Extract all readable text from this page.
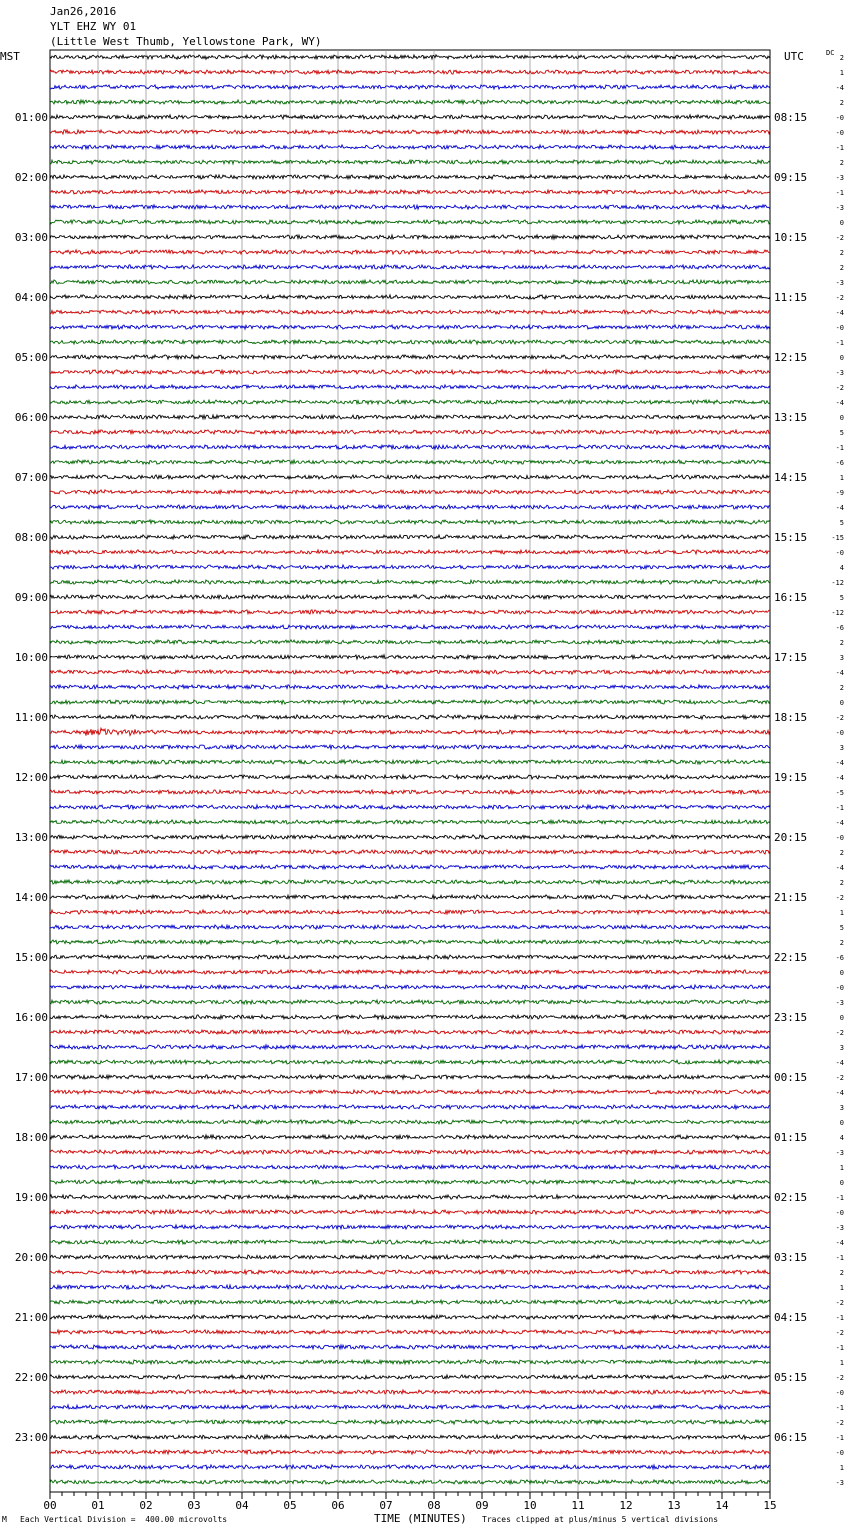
Jan26,2016
YLT EHZ WY 01
(Little West Thumb, Yellowstone Park, WY)
MST	UTC	DC
01:00	08:15
02:00	09:15
03:00	10:15
04:00	11:15
05:00	12:15
06:00	13:15
07:00	14:15
08:00	15:15
09:00	16:15
10:00	17:15
11:00	18:15
12:00	19:15
13:00	20:15
14:00	21:15
15:00	22:15
16:00	23:15
17:00	00:15
18:00	01:15
19:00	02:15
20:00	03:15
21:00	04:15
22:00	05:15
23:00	06:15
2
1
-4
2
-0
-0
-1
2
-3
-1
-3
0
-2
2
2
-3
-2
-4
-0
-1
0
-3
-2
-4
0
5
-1
-6
1
-9
-4
5
-15
-0
4
-12
5
-12
-6
2
3
-4
2
0
-2
-0
3
-4
-4
-5
-1
-4
-0
2
-4
2
-2
1
5
2
-6
0
-0
-3
0
-2
3
-4
-2
-4
3
0
4
-3
1
0
-1
-0
-3
-4
-1
2
1
-2
-1
-2
-1
1
-2
-0
-1
-2
-1
-0
1
-3
00	01	02	03	04	05	06	07	08	09	10	11	12	13	14	15
TIME (MINUTES)
M Each Vertical Division =  400.00 microvolts	Traces clipped at plus/minus 5 vertical divisions
